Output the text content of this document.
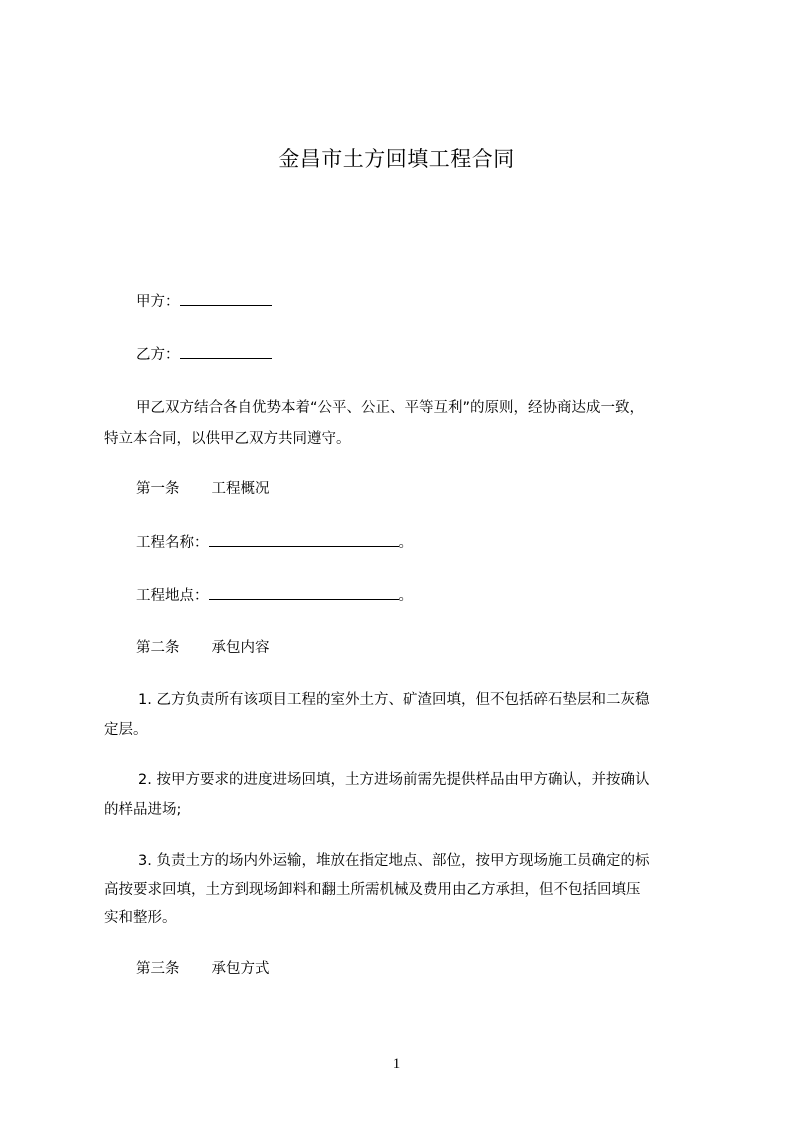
金昌市土方回填工程合同
甲方：
乙方：
甲乙双方结合各自优势本着“公平、公正、平等互利”的原则，经协商达成一致，
特立本合同，以供甲乙双方共同遵守。
第一条 工程概况
工程名称：	。
工程地点：	。
第二条 承包内容
1. 乙方负责所有该项目工程的室外土方、矿渣回填，但不包括碎石垫层和二灰稳
定层。
2. 按甲方要求的进度进场回填，土方进场前需先提供样品由甲方确认，并按确认
的样品进场;
3. 负责土方的场内外运输，堆放在指定地点、部位，按甲方现场施工员确定的标
高按要求回填，土方到现场卸料和翻土所需机械及费用由乙方承担，但不包括回填压
实和整形。
第三条 承包方式
1
